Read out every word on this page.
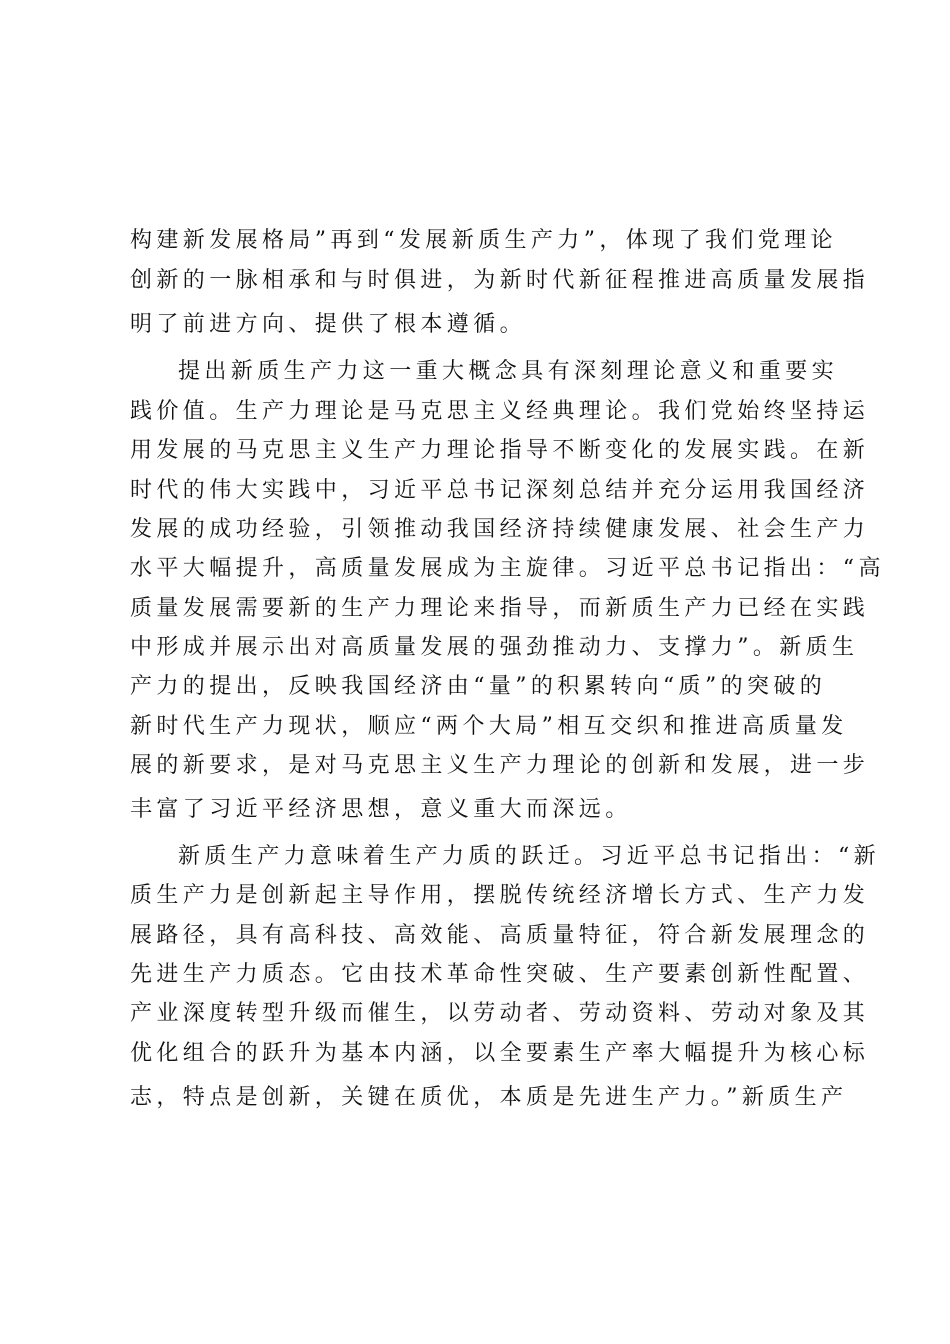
构建新发展格局”再到“发展新质生产力”，体现了我们党理论

创新的一脉相承和与时俱进，为新时代新征程推进高质量发展指

明了前进方向、提供了根本遵循。

提出新质生产力这一重大概念具有深刻理论意义和重要实

践价值。生产力理论是马克思主义经典理论。我们党始终坚持运

用发展的马克思主义生产力理论指导不断变化的发展实践。在新

时代的伟大实践中，习近平总书记深刻总结并充分运用我国经济

发展的成功经验，引领推动我国经济持续健康发展、社会生产力

水平大幅提升，高质量发展成为主旋律。习近平总书记指出：“高

质量发展需要新的生产力理论来指导，而新质生产力已经在实践

中形成并展示出对高质量发展的强劲推动力、支撑力”。新质生

产力的提出，反映我国经济由“量”的积累转向“质”的突破的

新时代生产力现状，顺应“两个大局”相互交织和推进高质量发

展的新要求，是对马克思主义生产力理论的创新和发展，进一步

丰富了习近平经济思想，意义重大而深远。

新质生产力意味着生产力质的跃迁。习近平总书记指出：“新

质生产力是创新起主导作用，摆脱传统经济增长方式、生产力发

展路径，具有高科技、高效能、高质量特征，符合新发展理念的

先进生产力质态。它由技术革命性突破、生产要素创新性配置、

产业深度转型升级而催生，以劳动者、劳动资料、劳动对象及其

优化组合的跃升为基本内涵，以全要素生产率大幅提升为核心标

志，特点是创新，关键在质优，本质是先进生产力。”新质生产
